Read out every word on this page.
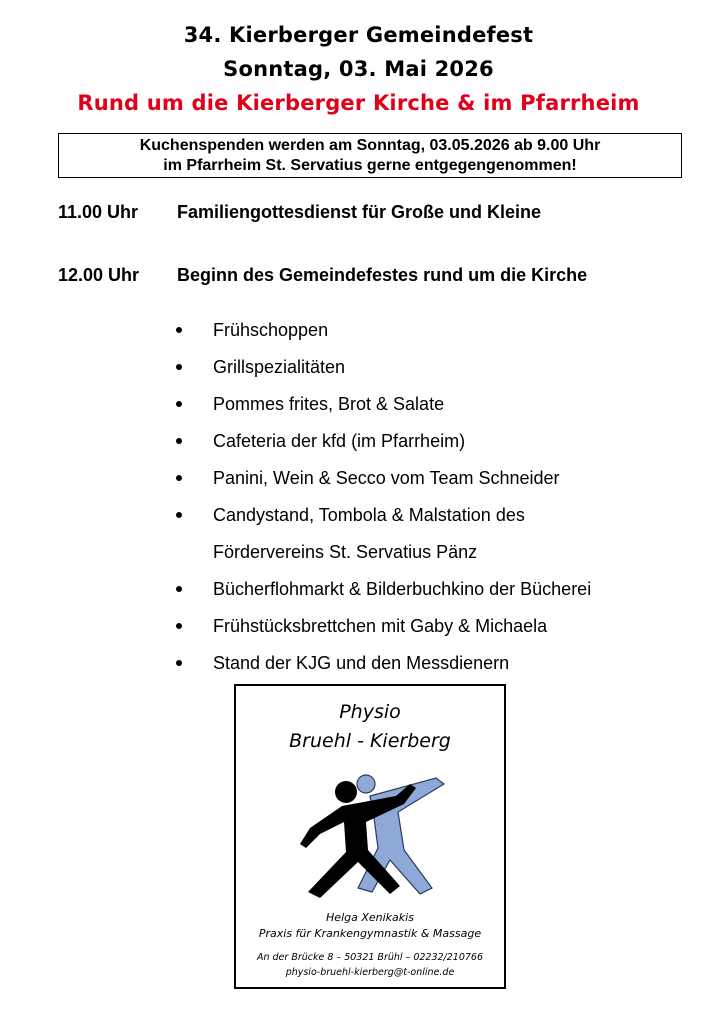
34. Kierberger Gemeindefest
Sonntag, 03. Mai 2026
Rund um die Kierberger Kirche & im Pfarrheim
Kuchenspenden werden am Sonntag, 03.05.2026 ab 9.00 Uhr
im Pfarrheim St. Servatius gerne entgegengenommen!
11.00 Uhr Familiengottesdienst für Große und Kleine
12.00 Uhr Beginn des Gemeindefestes rund um die Kirche
Frühschoppen
Grillspezialitäten
Pommes frites, Brot & Salate
Cafeteria der kfd (im Pfarrheim)
Panini, Wein & Secco vom Team Schneider
Candystand, Tombola & Malstation des
Fördervereins St. Servatius Pänz
Bücherflohmarkt & Bilderbuchkino der Bücherei
Frühstücksbrettchen mit Gaby & Michaela
Stand der KJG und den Messdienern
Physio
Bruehl - Kierberg
Helga Xenikakis
Praxis für Krankengymnastik & Massage
An der Brücke 8 – 50321 Brühl – 02232/210766
physio-bruehl-kierberg@t-online.de
